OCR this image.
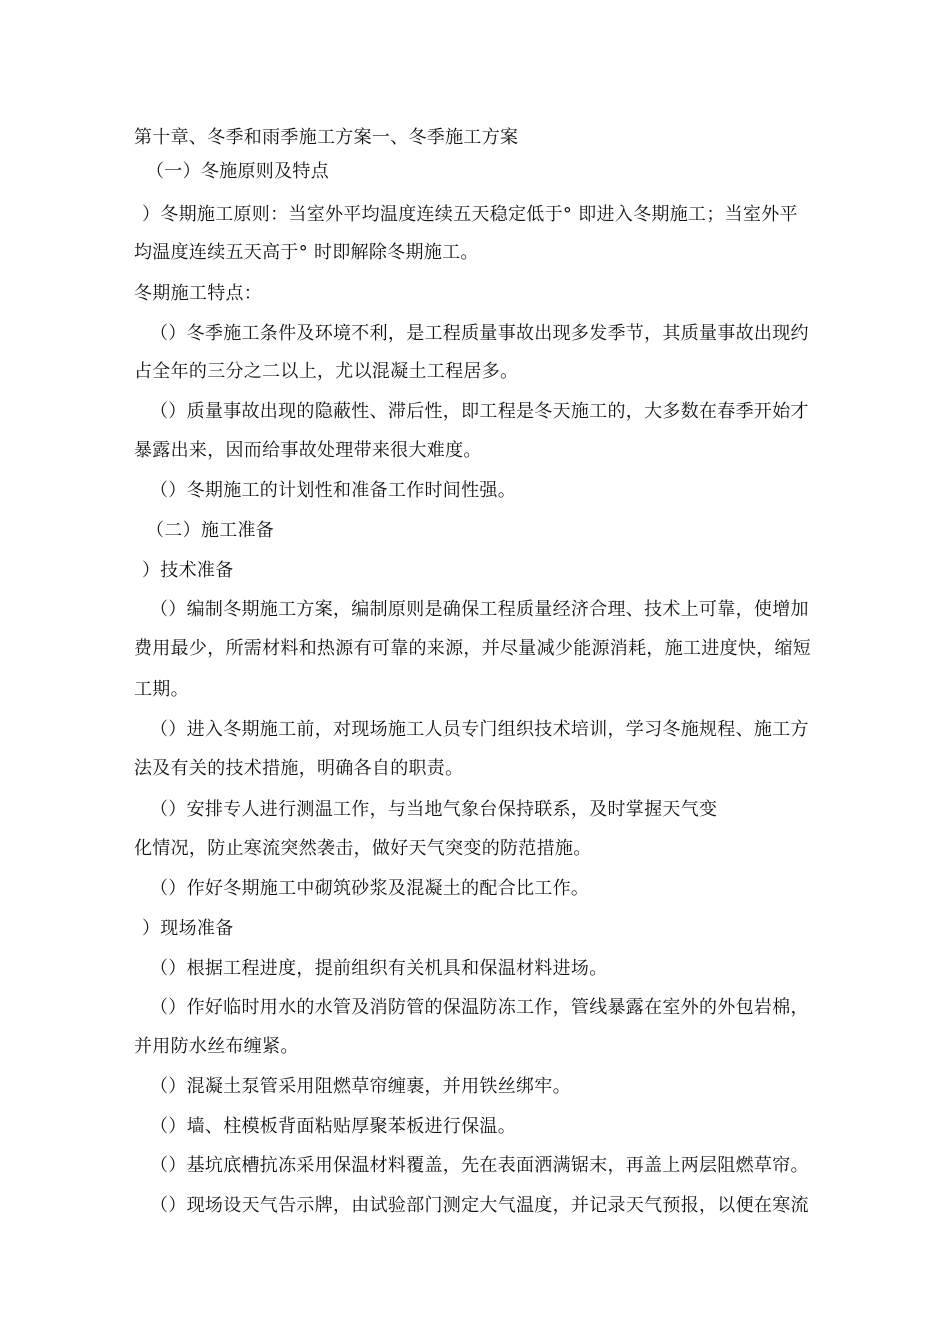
第十章、冬季和雨季施工方案一、冬季施工方案
（一）冬施原则及特点
）冬期施工原则：当室外平均温度连续五天稳定低于° 即进入冬期施工；当室外平
均温度连续五天高于° 时即解除冬期施工。
冬期施工特点：
（）冬季施工条件及环境不利，是工程质量事故出现多发季节，其质量事故出现约
占全年的三分之二以上，尤以混凝土工程居多。
（）质量事故出现的隐蔽性、滞后性，即工程是冬天施工的，大多数在春季开始才
暴露出来，因而给事故处理带来很大难度。
（）冬期施工的计划性和准备工作时间性强。
（二）施工准备
）技术准备
（）编制冬期施工方案，编制原则是确保工程质量经济合理、技术上可靠，使增加
费用最少，所需材料和热源有可靠的来源，并尽量减少能源消耗，施工进度快，缩短
工期。
（）进入冬期施工前，对现场施工人员专门组织技术培训，学习冬施规程、施工方
法及有关的技术措施，明确各自的职责。
（）安排专人进行测温工作，与当地气象台保持联系，及时掌握天气变
化情况，防止寒流突然袭击，做好天气突变的防范措施。
（）作好冬期施工中砌筑砂浆及混凝土的配合比工作。
）现场准备
（）根据工程进度，提前组织有关机具和保温材料进场。
（）作好临时用水的水管及消防管的保温防冻工作，管线暴露在室外的外包岩棉，
并用防水丝布缠紧。
（）混凝土泵管采用阻燃草帘缠裹，并用铁丝绑牢。
（）墙、柱模板背面粘贴厚聚苯板进行保温。
（）基坑底槽抗冻采用保温材料覆盖，先在表面洒满锯末，再盖上两层阻燃草帘。
（）现场设天气告示牌，由试验部门测定大气温度，并记录天气预报，以便在寒流
